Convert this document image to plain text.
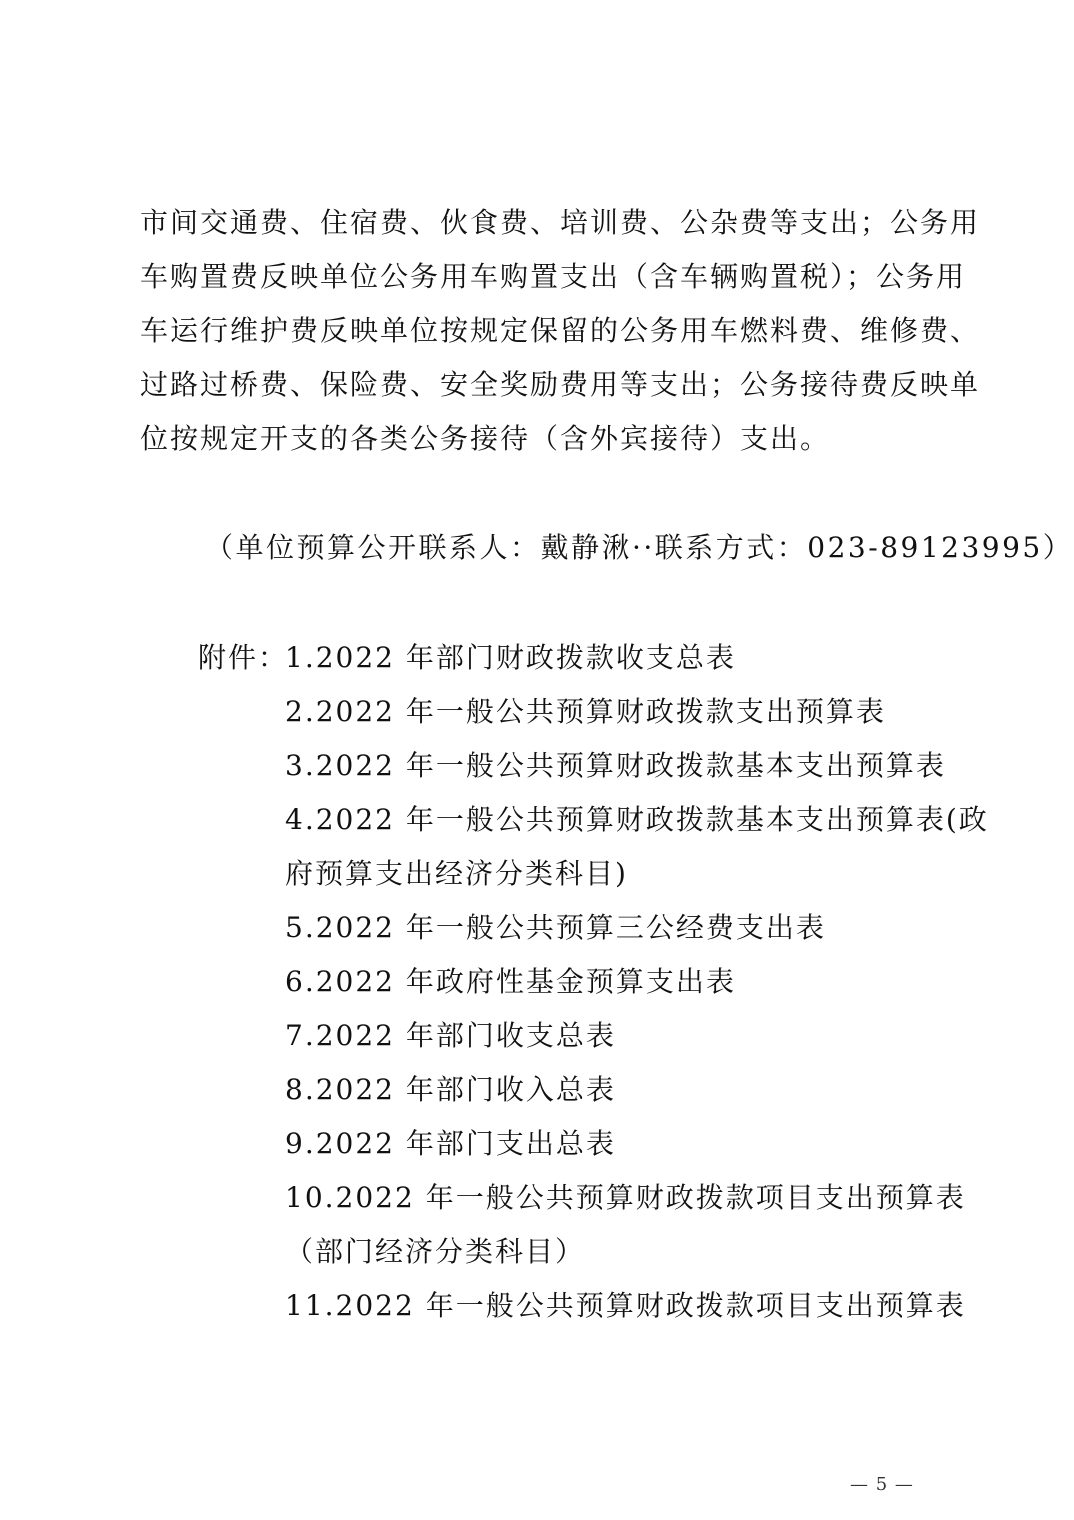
市间交通费、住宿费、伙食费、培训费、公杂费等支出；公务用
车购置费反映单位公务用车购置支出（含车辆购置税）；公务用
车运行维护费反映单位按规定保留的公务用车燃料费、维修费、
过路过桥费、保险费、安全奖励费用等支出；公务接待费反映单
位按规定开支的各类公务接待（含外宾接待）支出。
（单位预算公开联系人：戴静湫··联系方式：023-89123995）
附件：
1.2022 年部门财政拨款收支总表
2.2022 年一般公共预算财政拨款支出预算表
3.2022 年一般公共预算财政拨款基本支出预算表
4.2022 年一般公共预算财政拨款基本支出预算表(政
府预算支出经济分类科目)
5.2022 年一般公共预算三公经费支出表
6.2022 年政府性基金预算支出表
7.2022 年部门收支总表
8.2022 年部门收入总表
9.2022 年部门支出总表
10.2022 年一般公共预算财政拨款项目支出预算表
（部门经济分类科目）
11.2022 年一般公共预算财政拨款项目支出预算表
— 5 —
